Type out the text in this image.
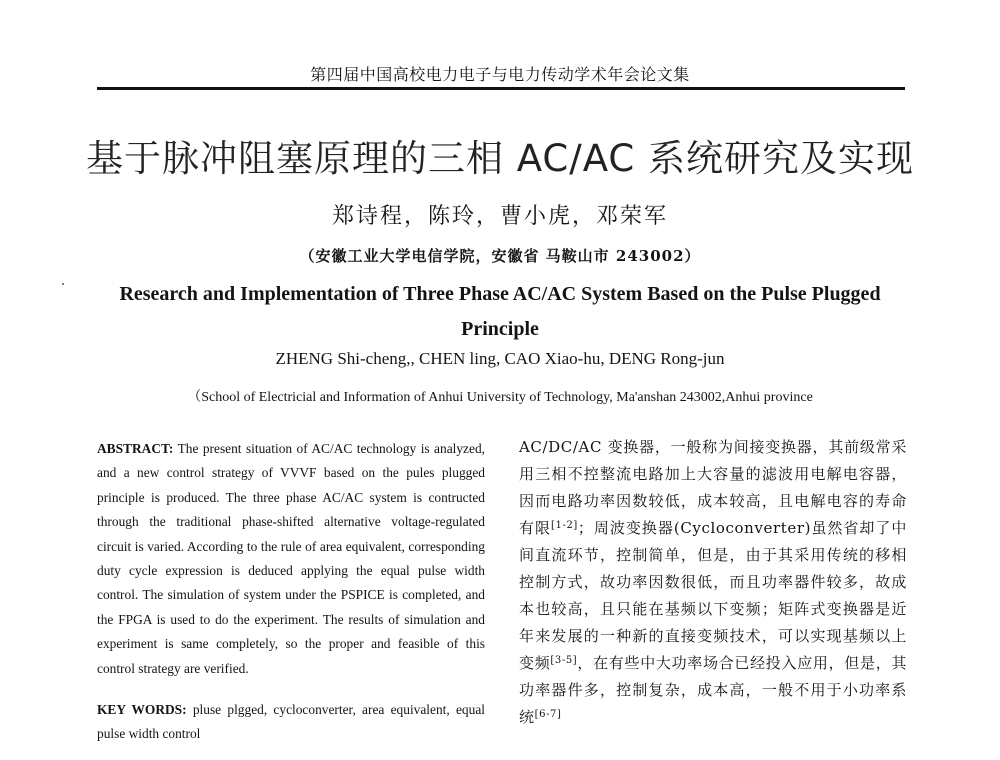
第四届中国高校电力电子与电力传动学术年会论文集
基于脉冲阻塞原理的三相 AC/AC 系统研究及实现
郑诗程，陈玲，曹小虎，邓荣军
（安徽工业大学电信学院，安徽省 马鞍山市 243002）
Research and Implementation of Three Phase AC/AC System Based on the Pulse Plugged Principle
ZHENG Shi-cheng,, CHEN ling, CAO Xiao-hu, DENG Rong-jun
（School of Electricial and Information of Anhui University of Technology, Ma'anshan 243002,Anhui province
ABSTRACT: The present situation of AC/AC technology is analyzed, and a new control strategy of VVVF based on the pules plugged principle is produced. The three phase AC/AC system is contructed through the traditional phase-shifted alternative voltage-regulated circuit is varied. According to the rule of area equivalent, corresponding duty cycle expression is deduced applying the equal pulse width control. The simulation of system under the PSPICE is completed, and the FPGA is used to do the experiment. The results of simulation and experiment is same completely, so the proper and feasible of this control strategy are verified.
KEY WORDS: pluse plgged, cycloconverter, area equivalent, equal pulse width control

AC/DC/AC 变换器，一般称为间接变换器，其前级常采用三相不控整流电路加上大容量的滤波用电解电容器，因而电路功率因数较低，成本较高，且电解电容的寿命有限[1-2]；周波变换器(Cycloconverter)虽然省却了中间直流环节，控制简单，但是，由于其采用传统的移相控制方式，故功率因数很低，而且功率器件较多，故成本也较高，且只能在基频以下变频；矩阵式变换器是近年来发展的一种新的直接变频技术，可以实现基频以上变频[3-5]，在有些中大功率场合已经投入应用，但是，其功率器件多，控制复杂，成本高，一般不用于小功率系统[6-7]
